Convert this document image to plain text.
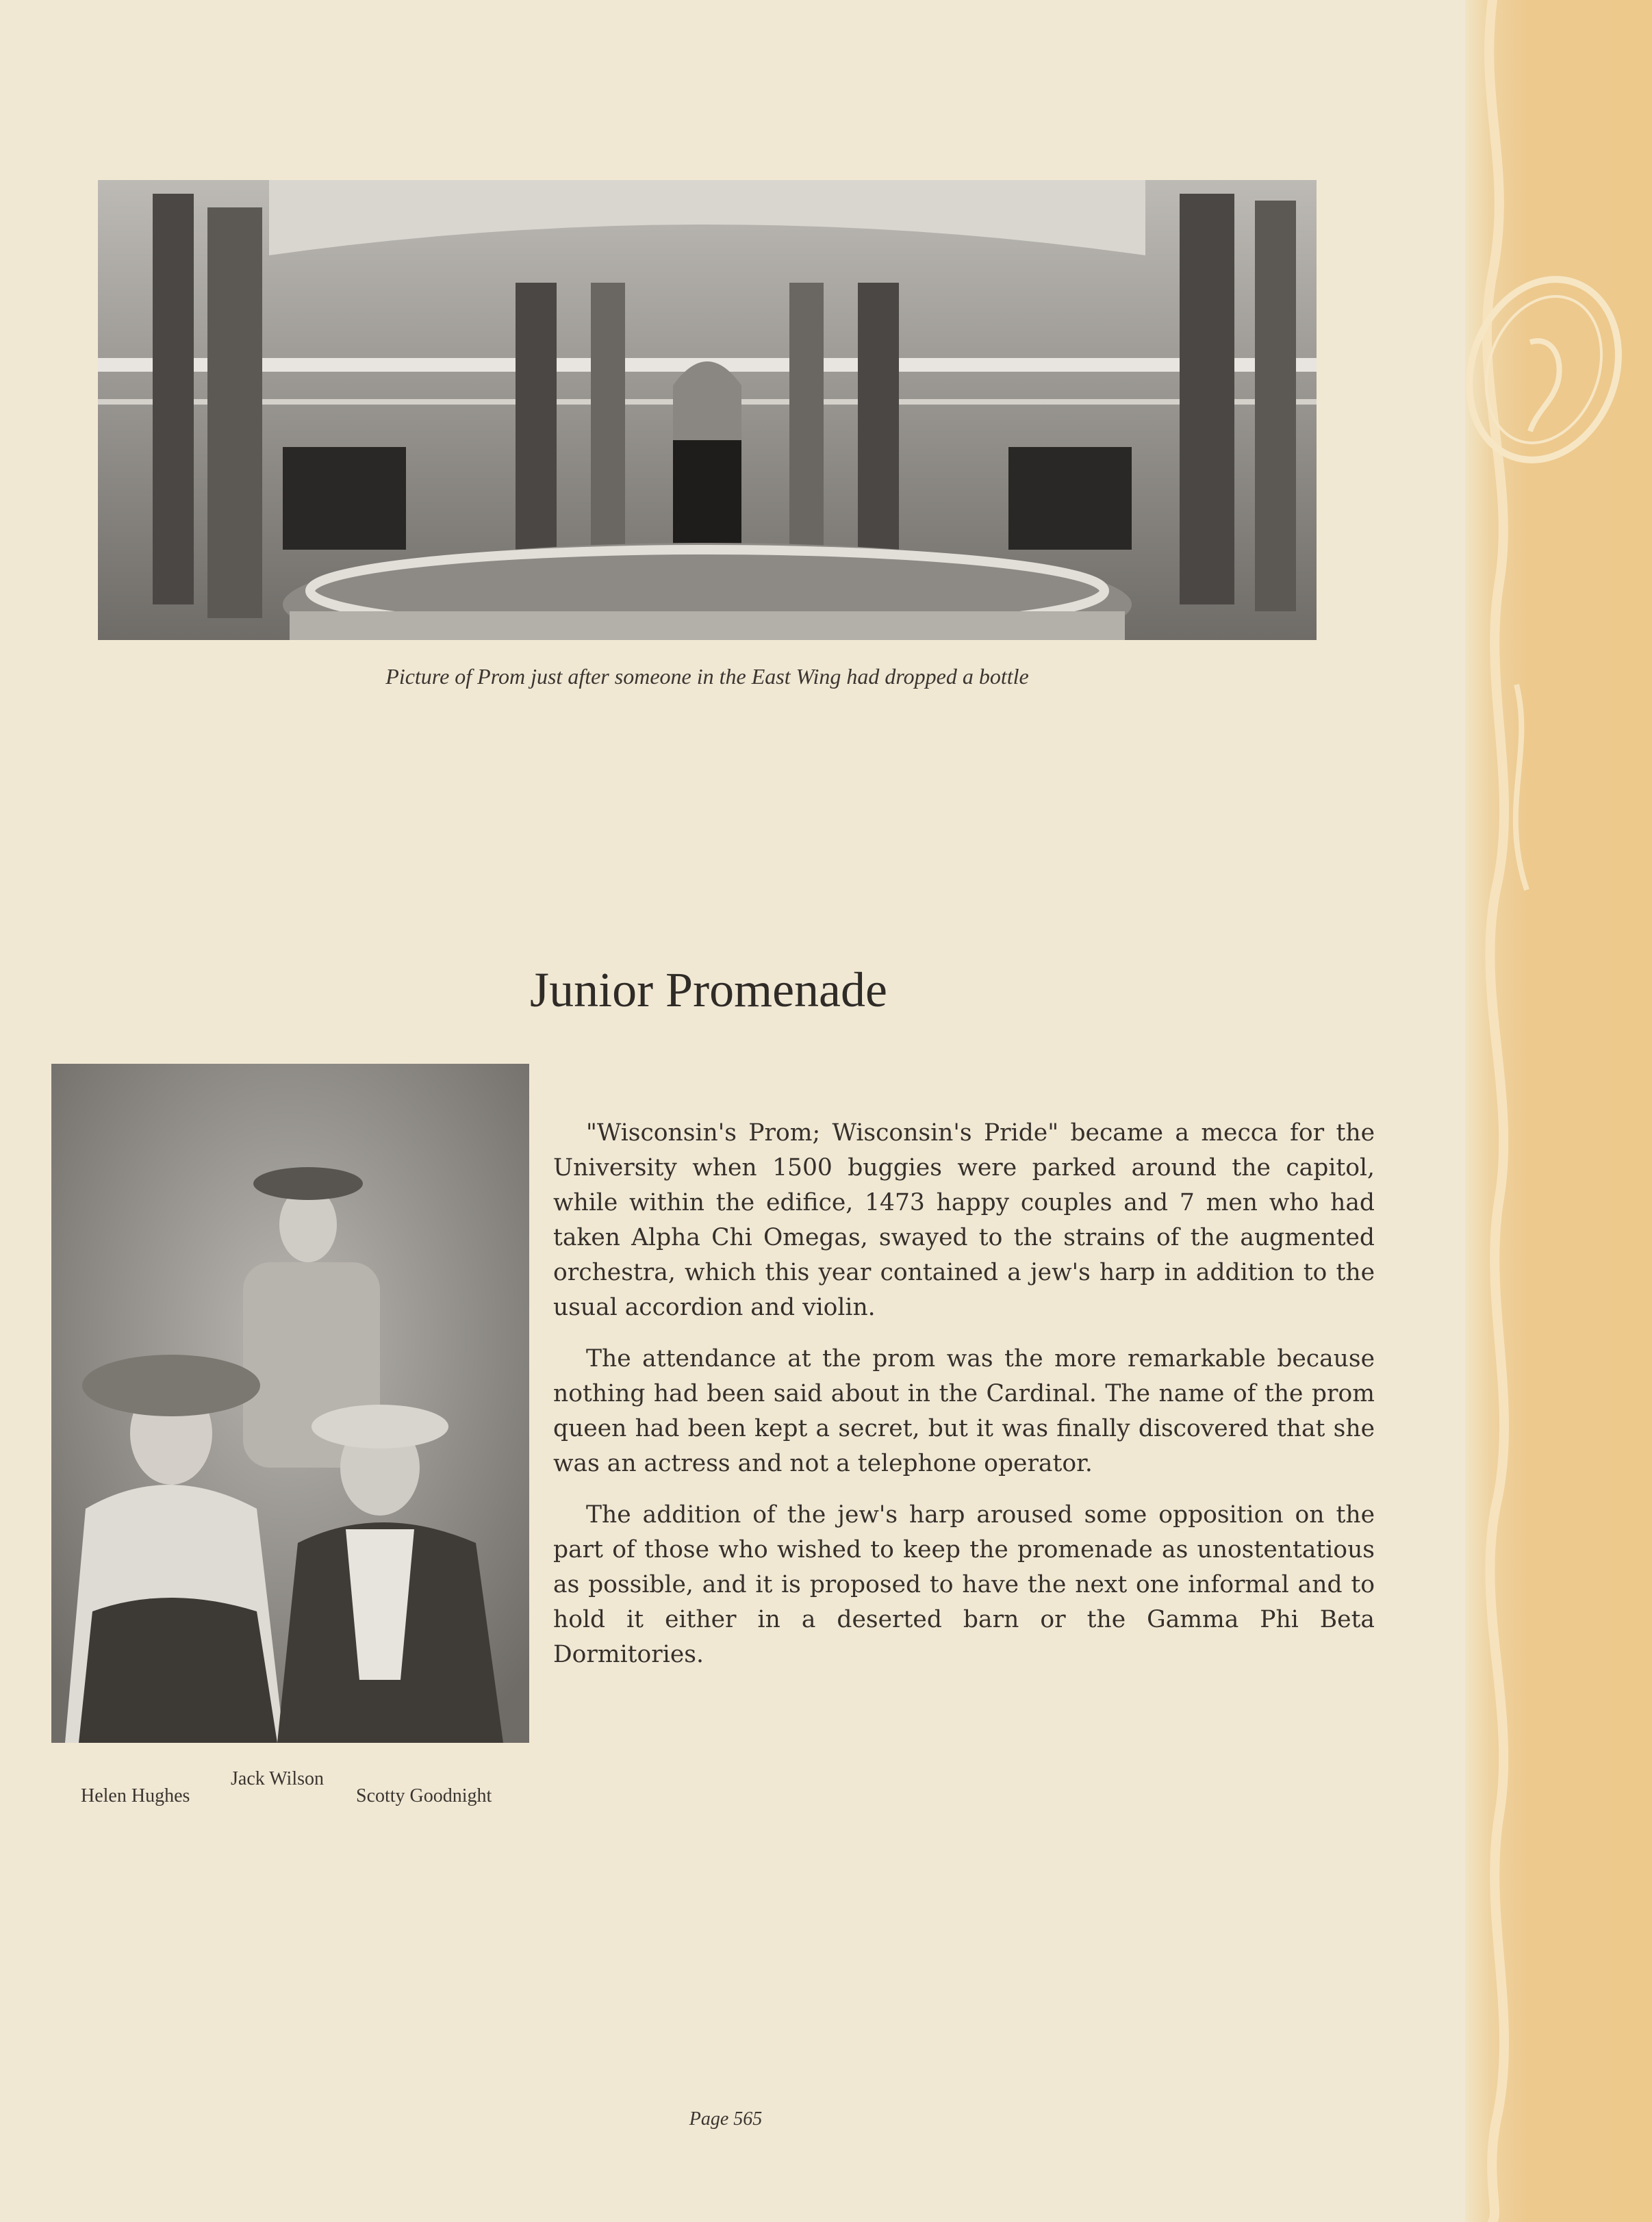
Picture of Prom just after someone in the East Wing had dropped a bottle
Junior Promenade
Helen Hughes
Jack Wilson
Scotty Goodnight

"Wisconsin's Prom; Wisconsin's Pride" became a mecca for the University when 1500 buggies were parked around the capitol, while within the edifice, 1473 happy couples and 7 men who had taken Alpha Chi Omegas, swayed to the strains of the augmented orchestra, which this year contained a jew's harp in addition to the usual accordion and violin.

The attendance at the prom was the more remarkable because nothing had been said about in the Cardinal. The name of the prom queen had been kept a secret, but it was finally discovered that she was an actress and not a telephone operator.

The addition of the jew's harp aroused some opposition on the part of those who wished to keep the promenade as unostentatious as possible, and it is proposed to have the next one informal and to hold it either in a deserted barn or the Gamma Phi Beta Dormitories.

Page 565
